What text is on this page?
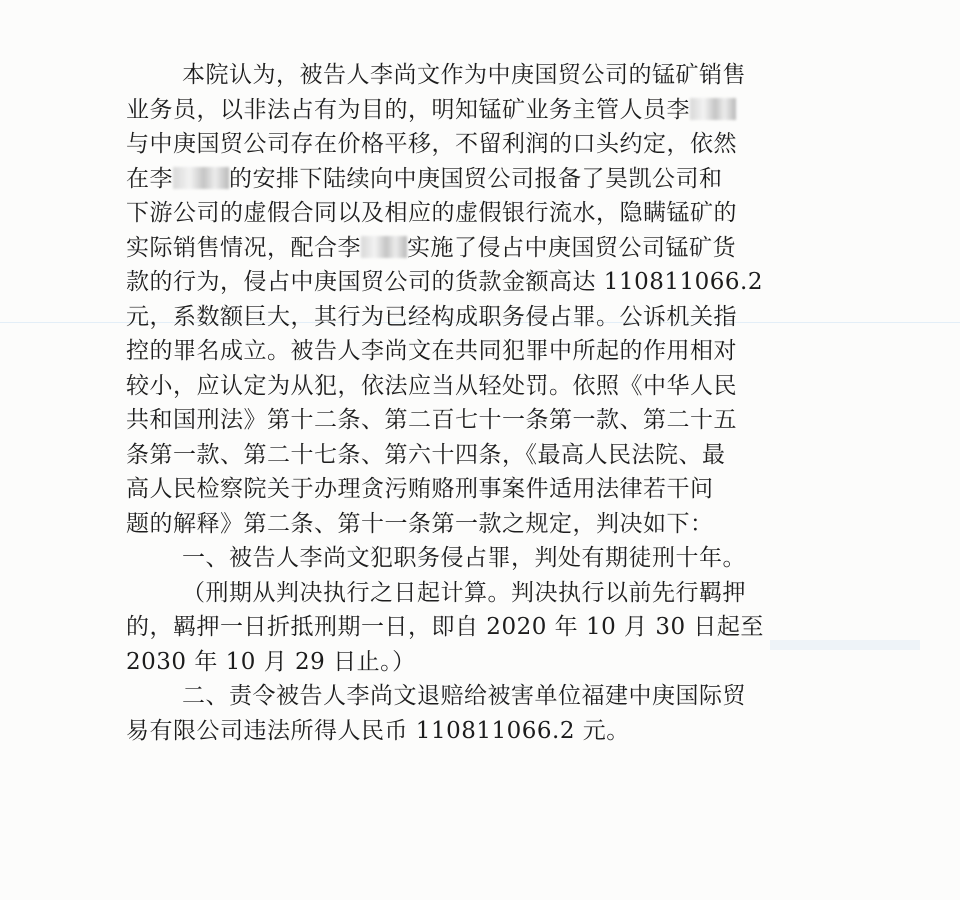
本院认为，被告人李尚文作为中庚国贸公司的锰矿销售
业务员，以非法占有为目的，明知锰矿业务主管人员李
与中庚国贸公司存在价格平移，不留利润的口头约定，依然
在李 的安排下陆续向中庚国贸公司报备了昊凯公司和
下游公司的虚假合同以及相应的虚假银行流水，隐瞒锰矿的
实际销售情况，配合李 实施了侵占中庚国贸公司锰矿货
款的行为，侵占中庚国贸公司的货款金额高达 110811066.2
元，系数额巨大，其行为已经构成职务侵占罪。公诉机关指
控的罪名成立。被告人李尚文在共同犯罪中所起的作用相对
较小，应认定为从犯，依法应当从轻处罚。依照《中华人民
共和国刑法》第十二条、第二百七十一条第一款、第二十五
条第一款、第二十七条、第六十四条，《最高人民法院、最
高人民检察院关于办理贪污贿赂刑事案件适用法律若干问
题的解释》第二条、第十一条第一款之规定，判决如下：
一、被告人李尚文犯职务侵占罪，判处有期徒刑十年。
（刑期从判决执行之日起计算。判决执行以前先行羁押
的，羁押一日折抵刑期一日，即自 2020 年 10 月 30 日起至
2030 年 10 月 29 日止。）
二、责令被告人李尚文退赔给被害单位福建中庚国际贸
易有限公司违法所得人民币 110811066.2 元。
